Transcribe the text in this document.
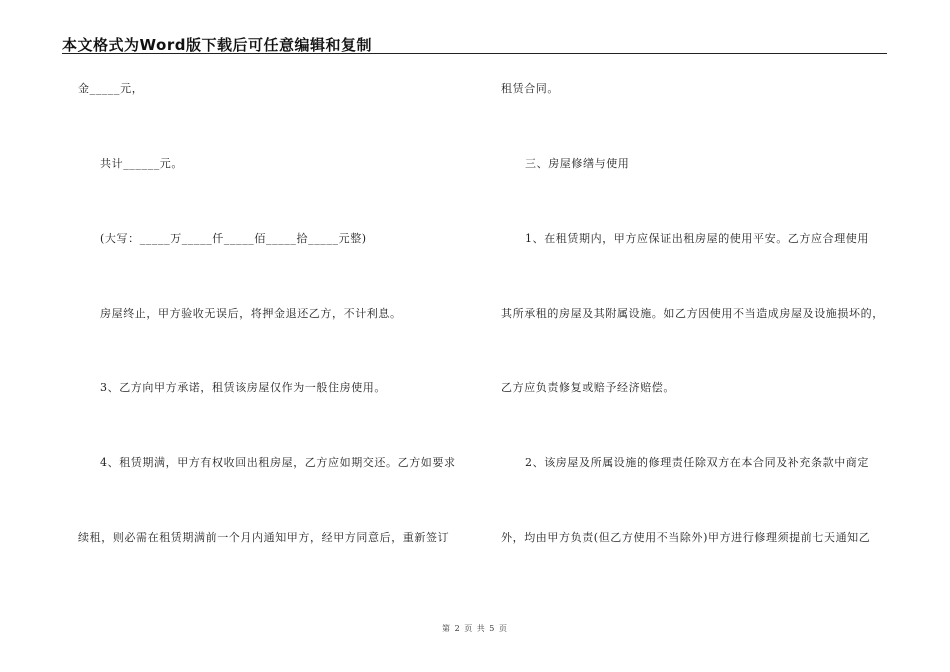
本文格式为Word版下载后可任意编辑和复制
金_____元，
共计______元。
(大写：_____万_____仟_____佰_____拾_____元整)
房屋终止，甲方验收无误后，将押金退还乙方，不计利息。
3、乙方向甲方承诺，租赁该房屋仅作为一般住房使用。
4、租赁期满，甲方有权收回出租房屋，乙方应如期交还。乙方如要求
续租，则必需在租赁期满前一个月内通知甲方，经甲方同意后，重新签订
租赁合同。
三、房屋修缮与使用
1、在租赁期内，甲方应保证出租房屋的使用平安。乙方应合理使用
其所承租的房屋及其附属设施。如乙方因使用不当造成房屋及设施损坏的，
乙方应负责修复或赔予经济赔偿。
2、该房屋及所属设施的修理责任除双方在本合同及补充条款中商定
外，均由甲方负责(但乙方使用不当除外)甲方进行修理须提前七天通知乙
第 2 页 共 5 页
